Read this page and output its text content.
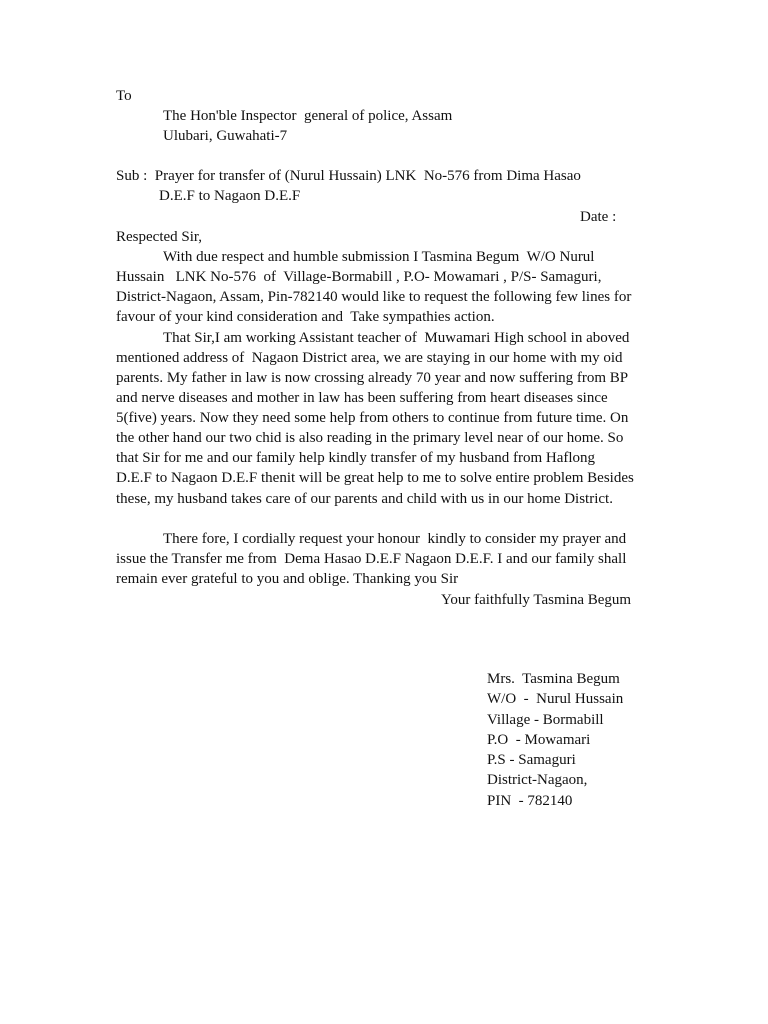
To
The Hon'ble Inspector  general of police, Assam
Ulubari, Guwahati-7
Sub :  Prayer for transfer of (Nurul Hussain) LNK  No-576 from Dima Hasao
D.E.F to Nagaon D.E.F
Date :
Respected Sir,
With due respect and humble submission I Tasmina Begum  W/O Nurul
Hussain   LNK No-576  of  Village-Bormabill , P.O- Mowamari , P/S- Samaguri,
District-Nagaon, Assam, Pin-782140 would like to request the following few lines for
favour of your kind consideration and  Take sympathies action.
That Sir,I am working Assistant teacher of  Muwamari High school in aboved
mentioned address of  Nagaon District area, we are staying in our home with my oid
parents. My father in law is now crossing already 70 year and now suffering from BP
and nerve diseases and mother in law has been suffering from heart diseases since
5(five) years. Now they need some help from others to continue from future time. On
the other hand our two chid is also reading in the primary level near of our home. So
that Sir for me and our family help kindly transfer of my husband from Haflong
D.E.F to Nagaon D.E.F thenit will be great help to me to solve entire problem Besides
these, my husband takes care of our parents and child with us in our home District.
There fore, I cordially request your honour  kindly to consider my prayer and
issue the Transfer me from  Dema Hasao D.E.F Nagaon D.E.F. I and our family shall
remain ever grateful to you and oblige. Thanking you Sir
Your faithfully Tasmina Begum
Mrs.  Tasmina Begum
W/O  -  Nurul Hussain
Village - Bormabill
P.O  - Mowamari
P.S - Samaguri
District-Nagaon,
PIN  - 782140
